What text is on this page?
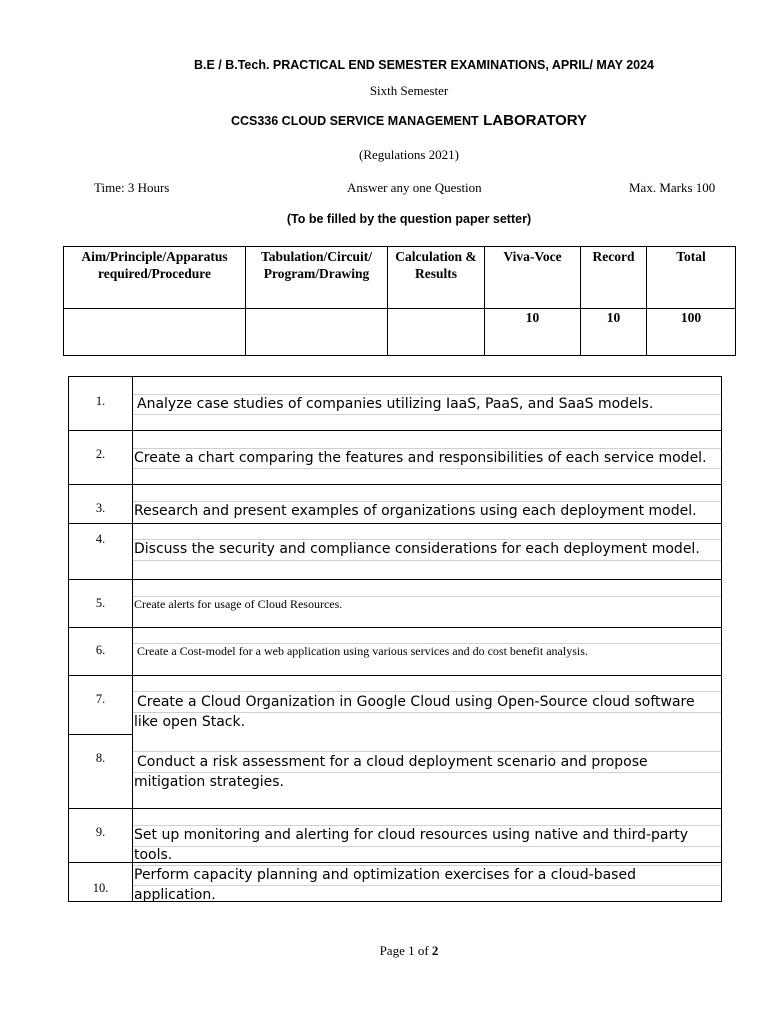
B.E / B.Tech. PRACTICAL END SEMESTER EXAMINATIONS, APRIL/ MAY 2024
Sixth Semester
CCS336 CLOUD SERVICE MANAGEMENT LABORATORY
(Regulations 2021)
Time: 3 Hours	Answer any one Question	Max. Marks 100
(To be filled by the question paper setter)
Aim/Principle/Apparatus required/Procedure	Tabulation/Circuit/ Program/Drawing	Calculation & Results	Viva-Voce	Record	Total
			10	10	100
1.	Analyze case studies of companies utilizing IaaS, PaaS, and SaaS models.

2.	Create a chart comparing the features and responsibilities of each service model.

3.	Research and present examples of organizations using each deployment model.

4.	Discuss the security and compliance considerations for each deployment model.

5.	Create alerts for usage of Cloud Resources.

6.	Create a Cost-model for a web application using various services and do cost benefit analysis.

7.	Create a Cloud Organization in Google Cloud using Open-Source cloud software like open Stack.

8.	Conduct a risk assessment for a cloud deployment scenario and propose mitigation strategies.

9.	Set up monitoring and alerting for cloud resources using native and third-party tools.

10.	Perform capacity planning and optimization exercises for a cloud-based application.
Page 1 of 2
